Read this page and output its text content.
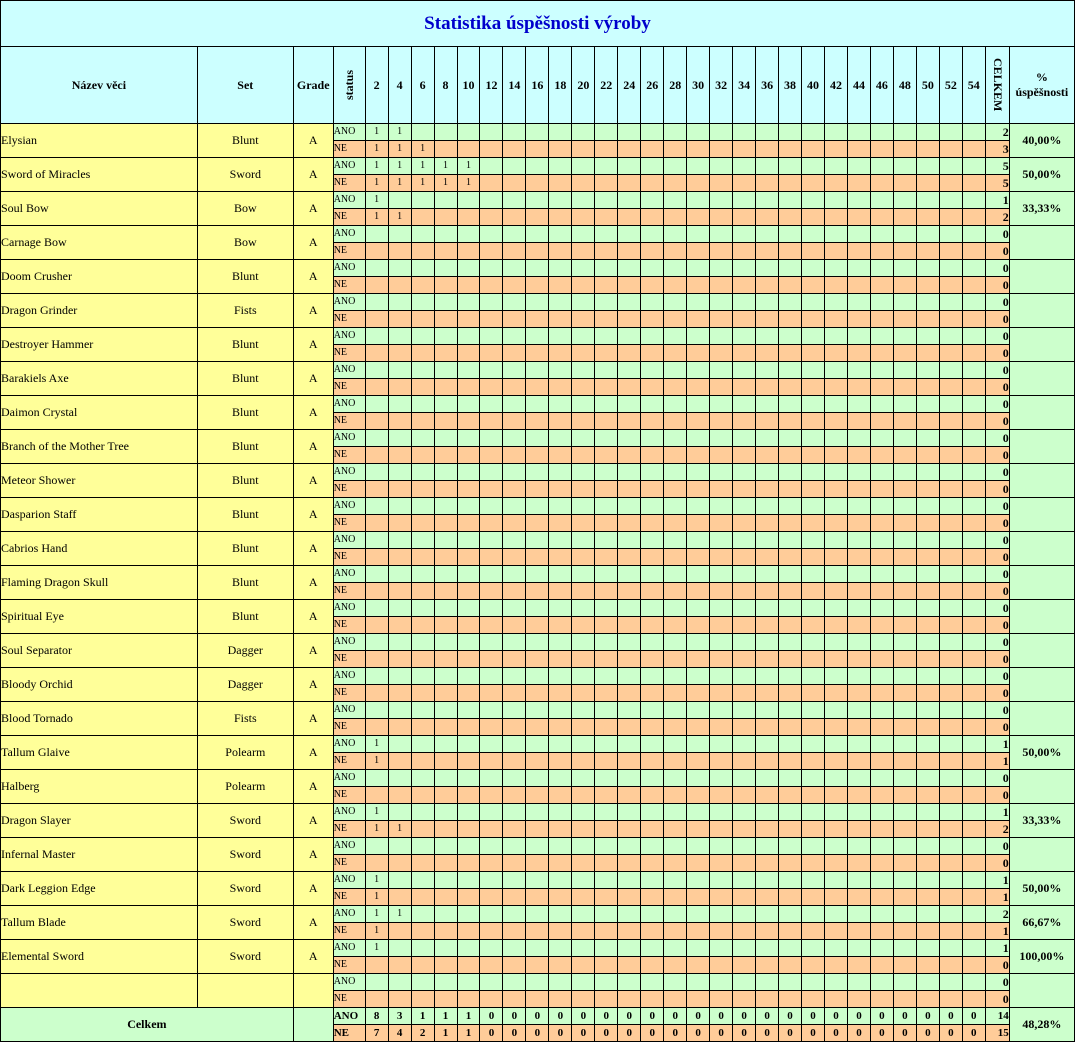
Statistika úspěšnosti výroby																																
Název věci	Set	Grade	status	2	4	6	8	10	12	14	16	18	20	22	24	26	28	30	32	34	36	38	40	42	44	46	48	50	52	54	CELKEM	%
úspěšnosti
Elysian	Blunt	A	ANO	1	1																										2	40,00%
			NE	1	1	1																									3	
Sword of Miracles	Sword	A	ANO	1	1	1	1	1																							5	50,00%
			NE	1	1	1	1	1																							5	
Soul Bow	Bow	A	ANO	1																											1	33,33%
			NE	1	1																										2	
Carnage Bow	Bow	A	ANO																												0	
			NE																												0	
Doom Crusher	Blunt	A	ANO																												0	
			NE																												0	
Dragon Grinder	Fists	A	ANO																												0	
			NE																												0	
Destroyer Hammer	Blunt	A	ANO																												0	
			NE																												0	
Barakiels Axe	Blunt	A	ANO																												0	
			NE																												0	
Daimon Crystal	Blunt	A	ANO																												0	
			NE																												0	
Branch of the Mother Tree	Blunt	A	ANO																												0	
			NE																												0	
Meteor Shower	Blunt	A	ANO																												0	
			NE																												0	
Dasparion Staff	Blunt	A	ANO																												0	
			NE																												0	
Cabrios Hand	Blunt	A	ANO																												0	
			NE																												0	
Flaming Dragon Skull	Blunt	A	ANO																												0	
			NE																												0	
Spiritual Eye	Blunt	A	ANO																												0	
			NE																												0	
Soul Separator	Dagger	A	ANO																												0	
			NE																												0	
Bloody Orchid	Dagger	A	ANO																												0	
			NE																												0	
Blood Tornado	Fists	A	ANO																												0	
			NE																												0	
Tallum Glaive	Polearm	A	ANO	1																											1	50,00%
			NE	1																											1	
Halberg	Polearm	A	ANO																												0	
			NE																												0	
Dragon Slayer	Sword	A	ANO	1																											1	33,33%
			NE	1	1																										2	
Infernal Master	Sword	A	ANO																												0	
			NE																												0	
Dark Leggion Edge	Sword	A	ANO	1																											1	50,00%
			NE	1																											1	
Tallum Blade	Sword	A	ANO	1	1																										2	66,67%
			NE	1																											1	
Elemental Sword	Sword	A	ANO	1																											1	100,00%
			NE																												0	
			ANO																												0	
			NE																												0	
Celkem			ANO	8	3	1	1	1	0	0	0	0	0	0	0	0	0	0	0	0	0	0	0	0	0	0	0	0	0	0	14	48,28%
			NE	7	4	2	1	1	0	0	0	0	0	0	0	0	0	0	0	0	0	0	0	0	0	0	0	0	0	0	15	
